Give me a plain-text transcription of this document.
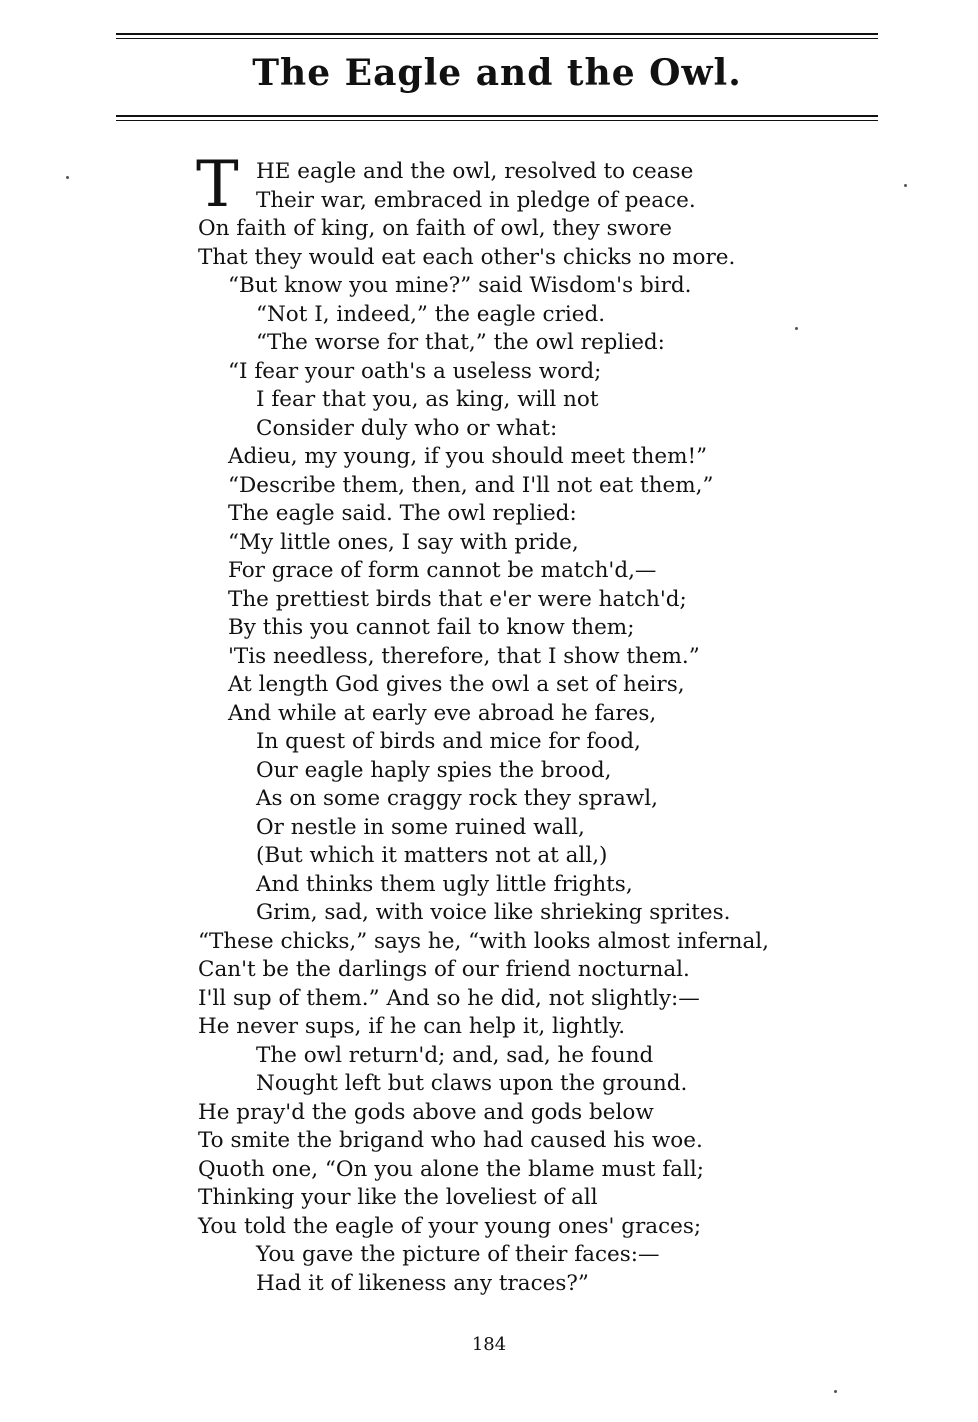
The Eagle and the Owl.
T HE eagle and the owl, resolved to cease
Their war, embraced in pledge of peace.
On faith of king, on faith of owl, they swore
That they would eat each other's chicks no more.
“But know you mine?” said Wisdom's bird.
“Not I, indeed,” the eagle cried.
“The worse for that,” the owl replied:
“I fear your oath's a useless word;
I fear that you, as king, will not
Consider duly who or what:
Adieu, my young, if you should meet them!”
“Describe them, then, and I'll not eat them,”
The eagle said. The owl replied:
“My little ones, I say with pride,
For grace of form cannot be match'd,—
The prettiest birds that e'er were hatch'd;
By this you cannot fail to know them;
'Tis needless, therefore, that I show them.”
At length God gives the owl a set of heirs,
And while at early eve abroad he fares,
In quest of birds and mice for food,
Our eagle haply spies the brood,
As on some craggy rock they sprawl,
Or nestle in some ruined wall,
(But which it matters not at all,)
And thinks them ugly little frights,
Grim, sad, with voice like shrieking sprites.
“These chicks,” says he, “with looks almost infernal,
Can't be the darlings of our friend nocturnal.
I'll sup of them.” And so he did, not slightly:—
He never sups, if he can help it, lightly.
The owl return'd; and, sad, he found
Nought left but claws upon the ground.
He pray'd the gods above and gods below
To smite the brigand who had caused his woe.
Quoth one, “On you alone the blame must fall;
Thinking your like the loveliest of all
You told the eagle of your young ones' graces;
You gave the picture of their faces:—
Had it of likeness any traces?”
184
